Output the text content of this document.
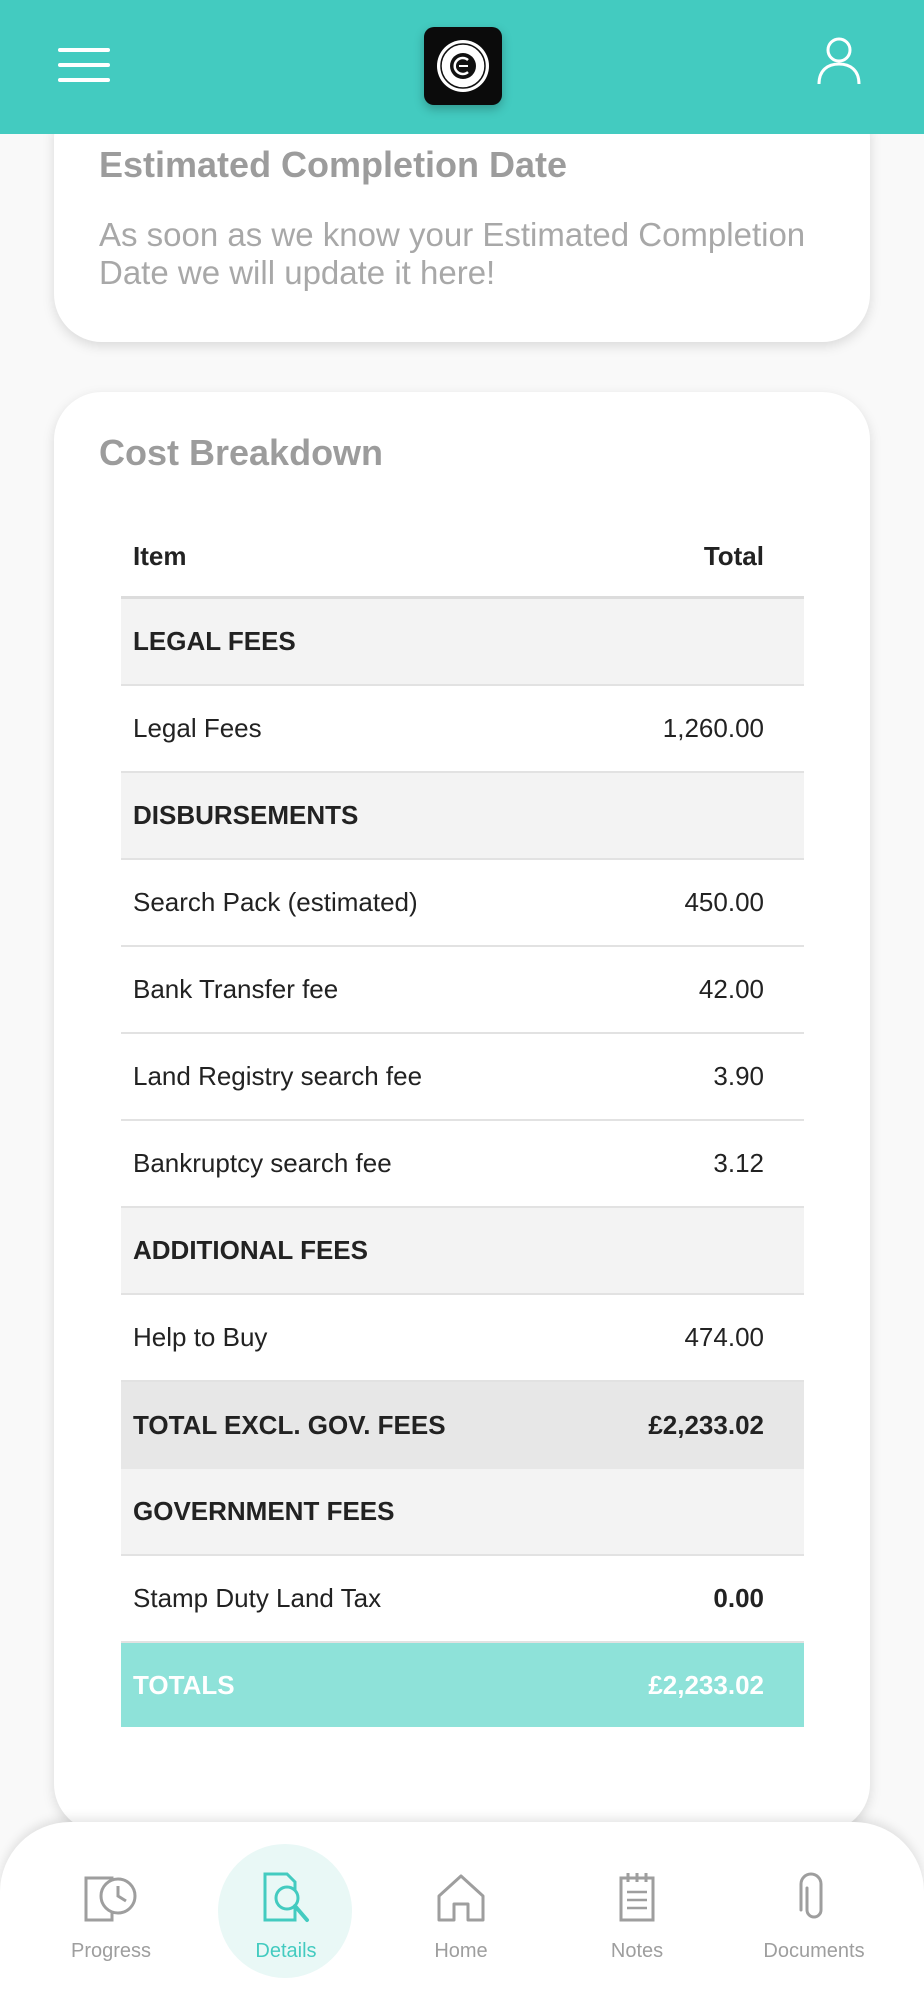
Estimated Completion Date
As soon as we know your Estimated Completion Date we will update it here!
Cost Breakdown
Item	Total
LEGAL FEES
Legal Fees	1,260.00
DISBURSEMENTS
Search Pack (estimated)	450.00
Bank Transfer fee	42.00
Land Registry search fee	3.90
Bankruptcy search fee	3.12
ADDITIONAL FEES
Help to Buy	474.00
TOTAL EXCL. GOV. FEES	£2,233.02
GOVERNMENT FEES
Stamp Duty Land Tax	0.00
TOTALS	£2,233.02
Progress	Details	Home	Notes	Documents
